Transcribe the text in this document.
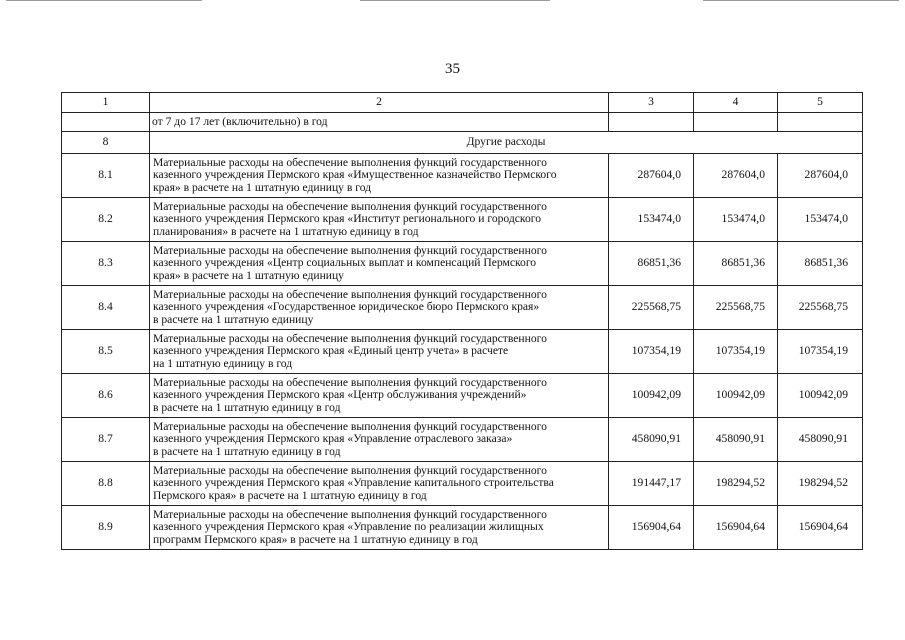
35
1	2	3	4	5
	от 7 до 17 лет (включительно) в год			
8	Другие расходы			
8.1	Материальные расходы на обеспечение выполнения функций государственного
казенного учреждения Пермского края «Имущественное казначейство Пермского
края» в расчете на 1 штатную единицу в год	287604,0	287604,0	287604,0
8.2	Материальные расходы на обеспечение выполнения функций государственного
казенного учреждения Пермского края «Институт регионального и городского
планирования» в расчете на 1 штатную единицу в год	153474,0	153474,0	153474,0
8.3	Материальные расходы на обеспечение выполнения функций государственного
казенного учреждения «Центр социальных выплат и компенсаций Пермского
края» в расчете на 1 штатную единицу	86851,36	86851,36	86851,36
8.4	Материальные расходы на обеспечение выполнения функций государственного
казенного учреждения «Государственное юридическое бюро Пермского края»
в расчете на 1 штатную единицу	225568,75	225568,75	225568,75
8.5	Материальные расходы на обеспечение выполнения функций государственного
казенного учреждения Пермского края «Единый центр учета» в расчете
на 1 штатную единицу в год	107354,19	107354,19	107354,19
8.6	Материальные расходы на обеспечение выполнения функций государственного
казенного учреждения Пермского края «Центр обслуживания учреждений»
в расчете на 1 штатную единицу в год	100942,09	100942,09	100942,09
8.7	Материальные расходы на обеспечение выполнения функций государственного
казенного учреждения Пермского края «Управление отраслевого заказа»
в расчете на 1 штатную единицу в год	458090,91	458090,91	458090,91
8.8	Материальные расходы на обеспечение выполнения функций государственного
казенного учреждения Пермского края «Управление капитального строительства
Пермского края» в расчете на 1 штатную единицу в год	191447,17	198294,52	198294,52
8.9	Материальные расходы на обеспечение выполнения функций государственного
казенного учреждения Пермского края «Управление по реализации жилищных
программ Пермского края» в расчете на 1 штатную единицу в год	156904,64	156904,64	156904,64
